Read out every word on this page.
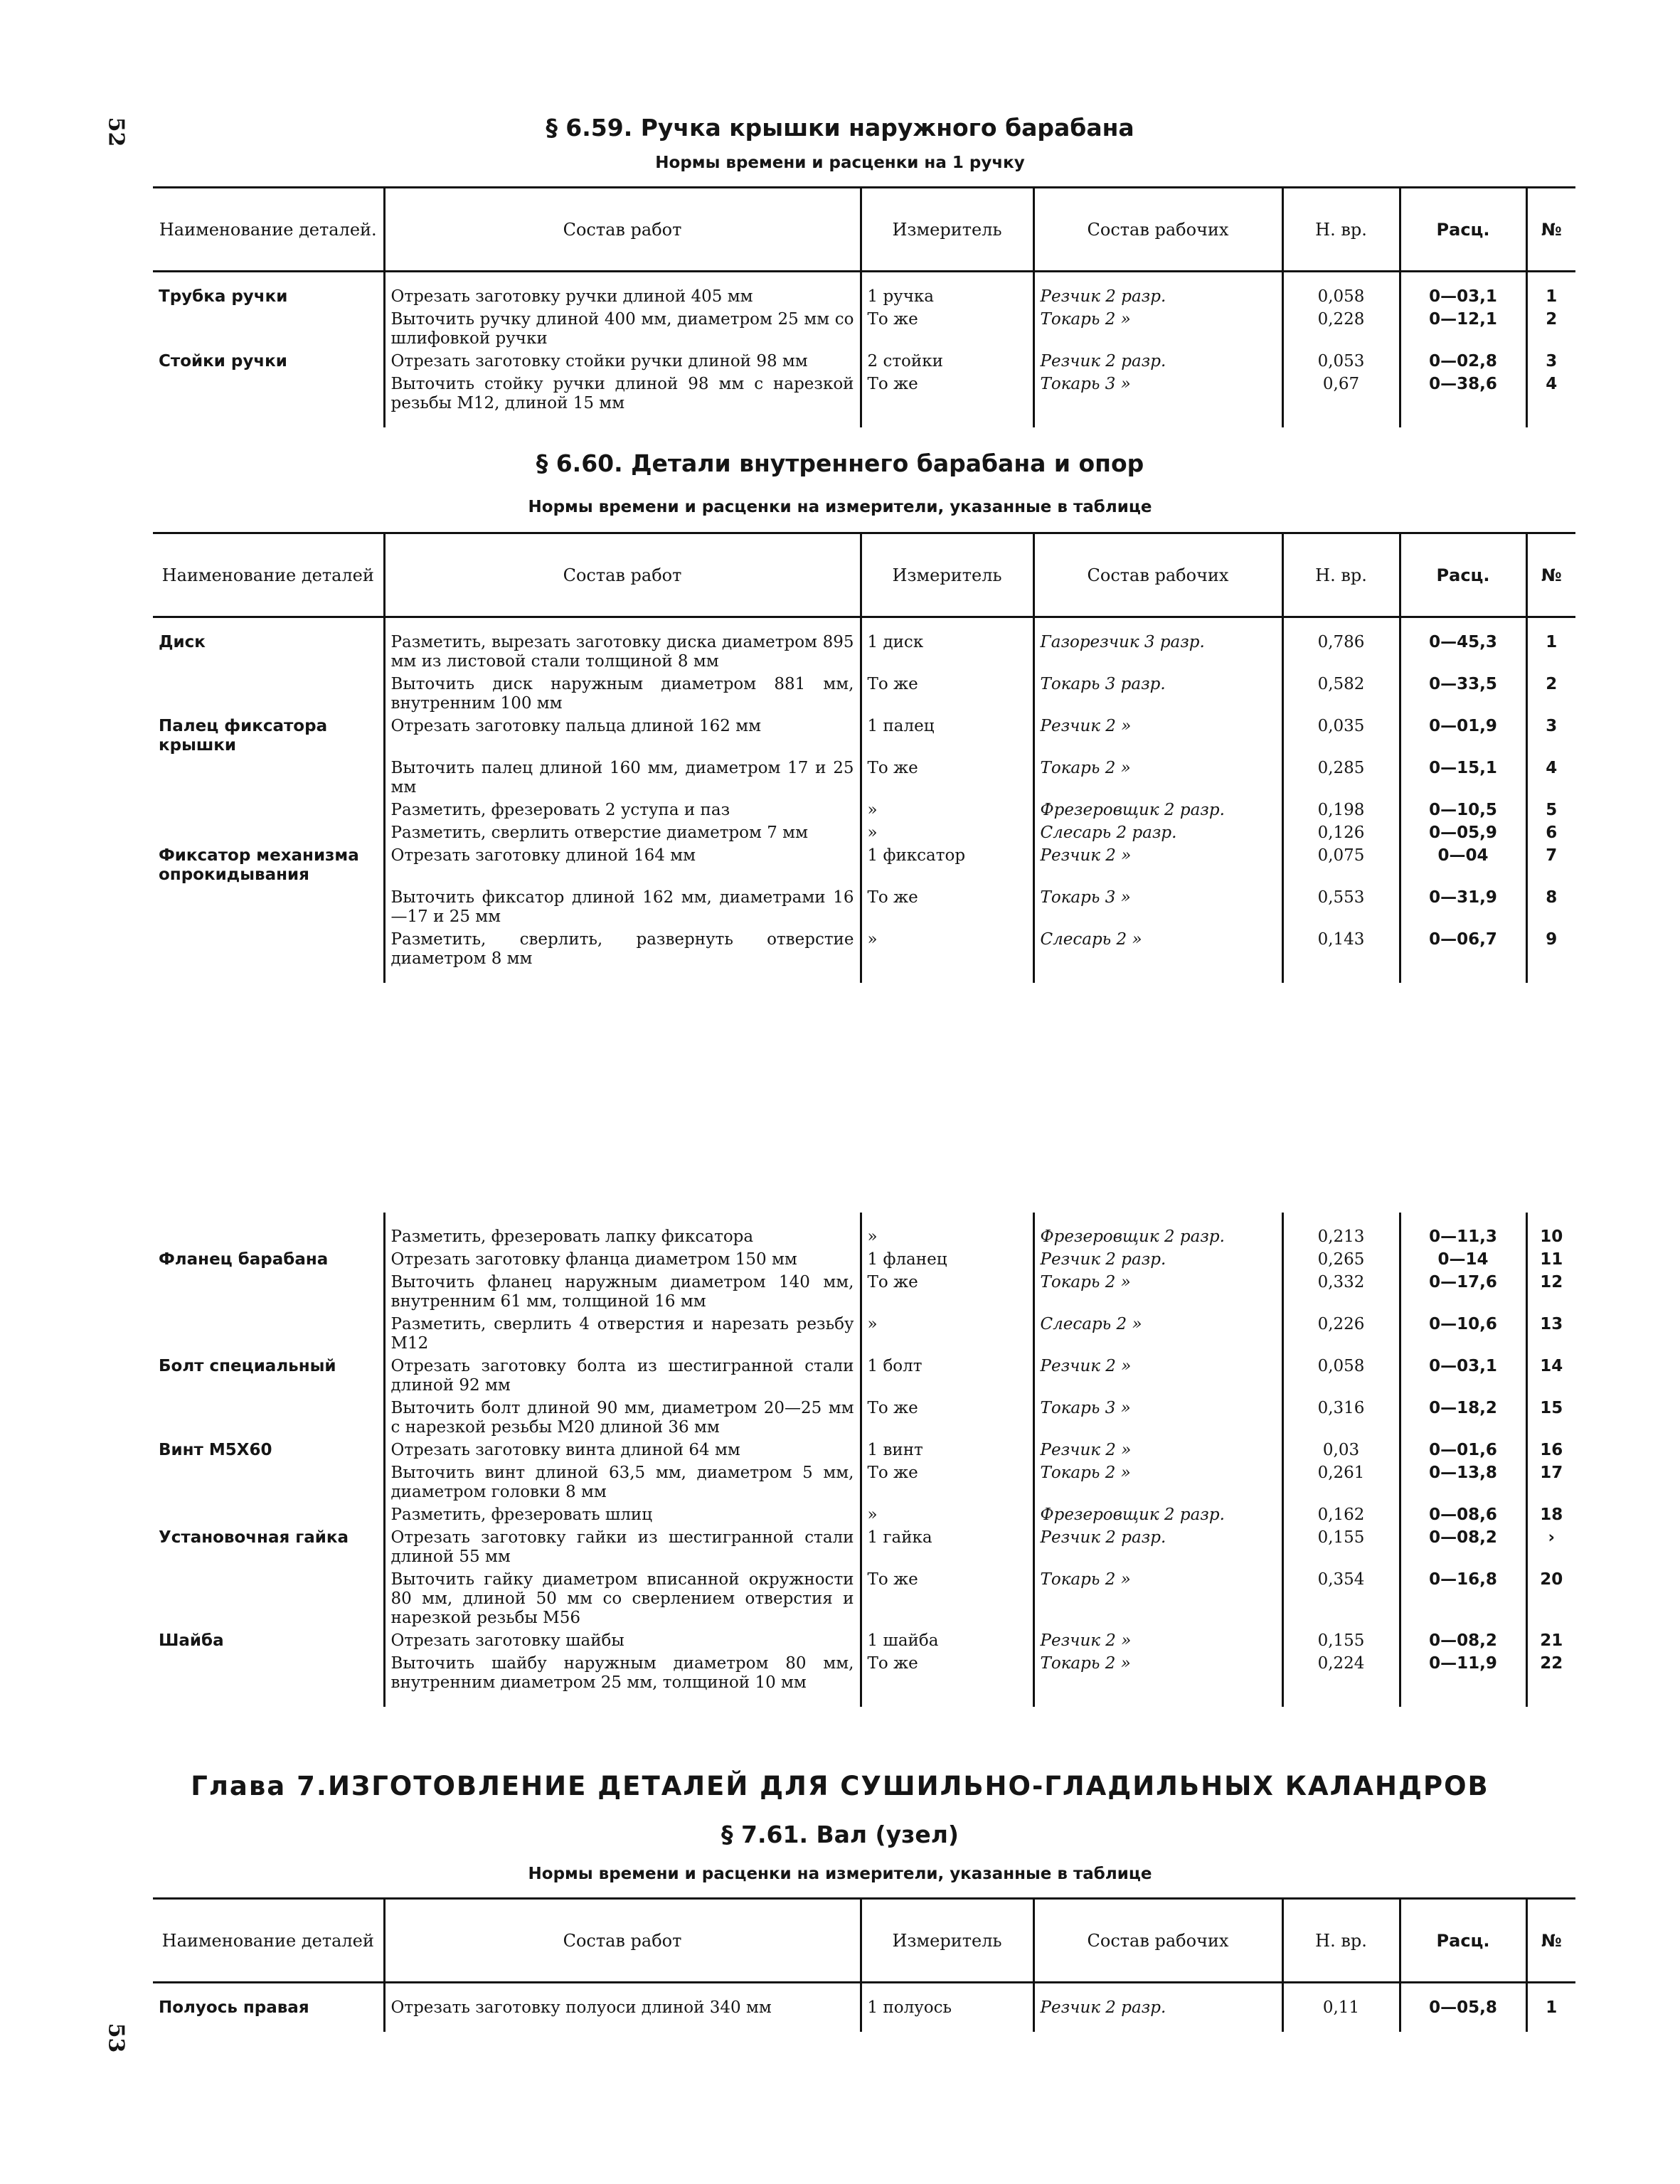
52
53
§ 6.59. Ручка крышки наружного барабана
Нормы времени и расценки на 1 ручку
Наименование деталей.	Состав работ	Измеритель	Состав рабочих	Н. вр.	Расц.	№

Трубка ручки	Отрезать заготовку ручки длиной 405 мм	1 ручка	Резчик 2 разр.	0,058	0—03,1	1
	Выточить ручку длиной 400 мм, диаметром 25 мм со шлифовкой ручки	То же	Токарь 2 »	0,228	0—12,1	2
Стойки ручки	Отрезать заготовку стойки ручки длиной 98 мм	2 стойки	Резчик 2 разр.	0,053	0—02,8	3
	Выточить стойку ручки длиной 98 мм с нарезкой резьбы М12, длиной 15 мм	То же	Токарь 3 »	0,67	0—38,6	4

§ 6.60. Детали внутреннего барабана и опор
Нормы времени и расценки на измерители, указанные в таблице
Наименование деталей	Состав работ	Измеритель	Состав рабочих	Н. вр.	Расц.	№

Диск	Разметить, вырезать заготовку диска диаметром 895 мм из листовой стали толщиной 8 мм	1 диск	Газорезчик 3 разр.	0,786	0—45,3	1
	Выточить диск наружным диаметром 881 мм, внутренним 100 мм	То же	Токарь 3 разр.	0,582	0—33,5	2
Палец фиксатора крышки	Отрезать заготовку пальца длиной 162 мм	1 палец	Резчик 2 »	0,035	0—01,9	3
	Выточить палец длиной 160 мм, диаметром 17 и 25 мм	То же	Токарь 2 »	0,285	0—15,1	4
	Разметить, фрезеровать 2 уступа и паз	»	Фрезеровщик 2 разр.	0,198	0—10,5	5
	Разметить, сверлить отверстие диаметром 7 мм	»	Слесарь 2 разр.	0,126	0—05,9	6
Фиксатор механизма опрокидывания	Отрезать заготовку длиной 164 мм	1 фиксатор	Резчик 2 »	0,075	0—04	7
	Выточить фиксатор длиной 162 мм, диаметрами 16—17 и 25 мм	То же	Токарь 3 »	0,553	0—31,9	8
	Разметить, сверлить, развернуть отверстие диаметром 8 мм	»	Слесарь 2 »	0,143	0—06,7	9

	Разметить, фрезеровать лапку фиксатора	»	Фрезеровщик 2 разр.	0,213	0—11,3	10
Фланец барабана	Отрезать заготовку фланца диаметром 150 мм	1 фланец	Резчик 2 разр.	0,265	0—14	11
	Выточить фланец наружным диаметром 140 мм, внутренним 61 мм, толщиной 16 мм	То же	Токарь 2 »	0,332	0—17,6	12
	Разметить, сверлить 4 отверстия и нарезать резьбу М12	»	Слесарь 2 »	0,226	0—10,6	13
Болт специальный	Отрезать заготовку болта из шестигранной стали длиной 92 мм	1 болт	Резчик 2 »	0,058	0—03,1	14
	Выточить болт длиной 90 мм, диаметром 20—25 мм с нарезкой резьбы М20 длиной 36 мм	То же	Токарь 3 »	0,316	0—18,2	15
Винт М5Х60	Отрезать заготовку винта длиной 64 мм	1 винт	Резчик 2 »	0,03	0—01,6	16
	Выточить винт длиной 63,5 мм, диаметром 5 мм, диаметром головки 8 мм	То же	Токарь 2 »	0,261	0—13,8	17
	Разметить, фрезеровать шлиц	»	Фрезеровщик 2 разр.	0,162	0—08,6	18
Установочная гайка	Отрезать заготовку гайки из шестигранной стали длиной 55 мм	1 гайка	Резчик 2 разр.	0,155	0—08,2	›
	Выточить гайку диаметром вписанной окружности 80 мм, длиной 50 мм со сверлением отверстия и нарезкой резьбы М56	То же	Токарь 2 »	0,354	0—16,8	20
Шайба	Отрезать заготовку шайбы	1 шайба	Резчик 2 »	0,155	0—08,2	21
	Выточить шайбу наружным диаметром 80 мм, внутренним диаметром 25 мм, толщиной 10 мм	То же	Токарь 2 »	0,224	0—11,9	22

Глава 7.ИЗГОТОВЛЕНИЕ ДЕТАЛЕЙ ДЛЯ СУШИЛЬНО-ГЛАДИЛЬНЫХ КАЛАНДРОВ
§ 7.61. Вал (узел)
Нормы времени и расценки на измерители, указанные в таблице
Наименование деталей	Состав работ	Измеритель	Состав рабочих	Н. вр.	Расц.	№

Полуось правая	Отрезать заготовку полуоси длиной 340 мм	1 полуось	Резчик 2 разр.	0,11	0—05,8	1
